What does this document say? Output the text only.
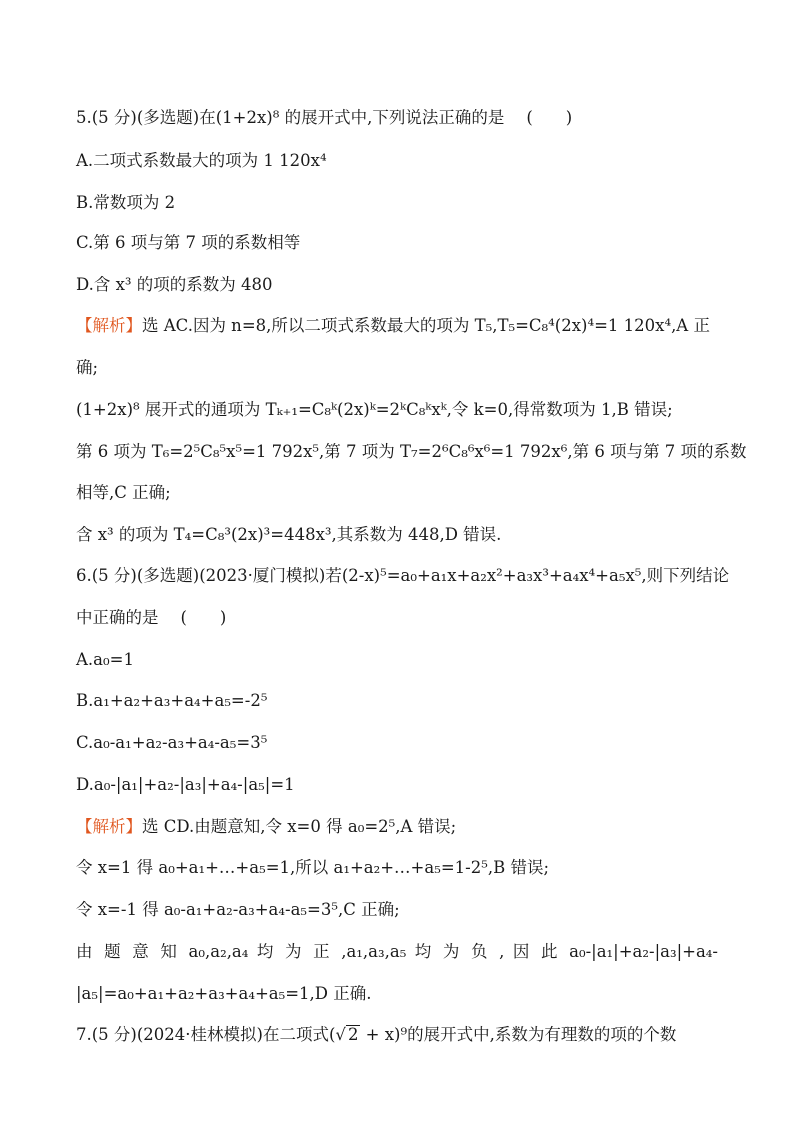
5.(5 分)(多选题)在(1+2x)⁸ 的展开式中,下列说法正确的是 (　　)
A.二项式系数最大的项为 1 120x⁴
B.常数项为 2
C.第 6 项与第 7 项的系数相等
D.含 x³ 的项的系数为 480
【解析】选 AC.因为 n=8,所以二项式系数最大的项为 T₅,T₅=C₈⁴(2x)⁴=1 120x⁴,A 正
确;
(1+2x)⁸ 展开式的通项为 Tₖ₊₁=C₈ᵏ(2x)ᵏ=2ᵏC₈ᵏxᵏ,令 k=0,得常数项为 1,B 错误;
第 6 项为 T₆=2⁵C₈⁵x⁵=1 792x⁵,第 7 项为 T₇=2⁶C₈⁶x⁶=1 792x⁶,第 6 项与第 7 项的系数
相等,C 正确;
含 x³ 的项为 T₄=C₈³(2x)³=448x³,其系数为 448,D 错误.
6.(5 分)(多选题)(2023·厦门模拟)若(2-x)⁵=a₀+a₁x+a₂x²+a₃x³+a₄x⁴+a₅x⁵,则下列结论
中正确的是 (　　)
A.a₀=1
B.a₁+a₂+a₃+a₄+a₅=-2⁵
C.a₀-a₁+a₂-a₃+a₄-a₅=3⁵
D.a₀-|a₁|+a₂-|a₃|+a₄-|a₅|=1
【解析】选 CD.由题意知,令 x=0 得 a₀=2⁵,A 错误;
令 x=1 得 a₀+a₁+…+a₅=1,所以 a₁+a₂+…+a₅=1-2⁵,B 错误;
令 x=-1 得 a₀-a₁+a₂-a₃+a₄-a₅=3⁵,C 正确;
由 题 意 知 a₀,a₂,a₄ 均 为 正 ,a₁,a₃,a₅ 均 为 负 , 因 此 a₀-|a₁|+a₂-|a₃|+a₄-
|a₅|=a₀+a₁+a₂+a₃+a₄+a₅=1,D 正确.
7.(5 分)(2024·桂林模拟)在二项式(√ 2 + x)⁹的展开式中,系数为有理数的项的个数
